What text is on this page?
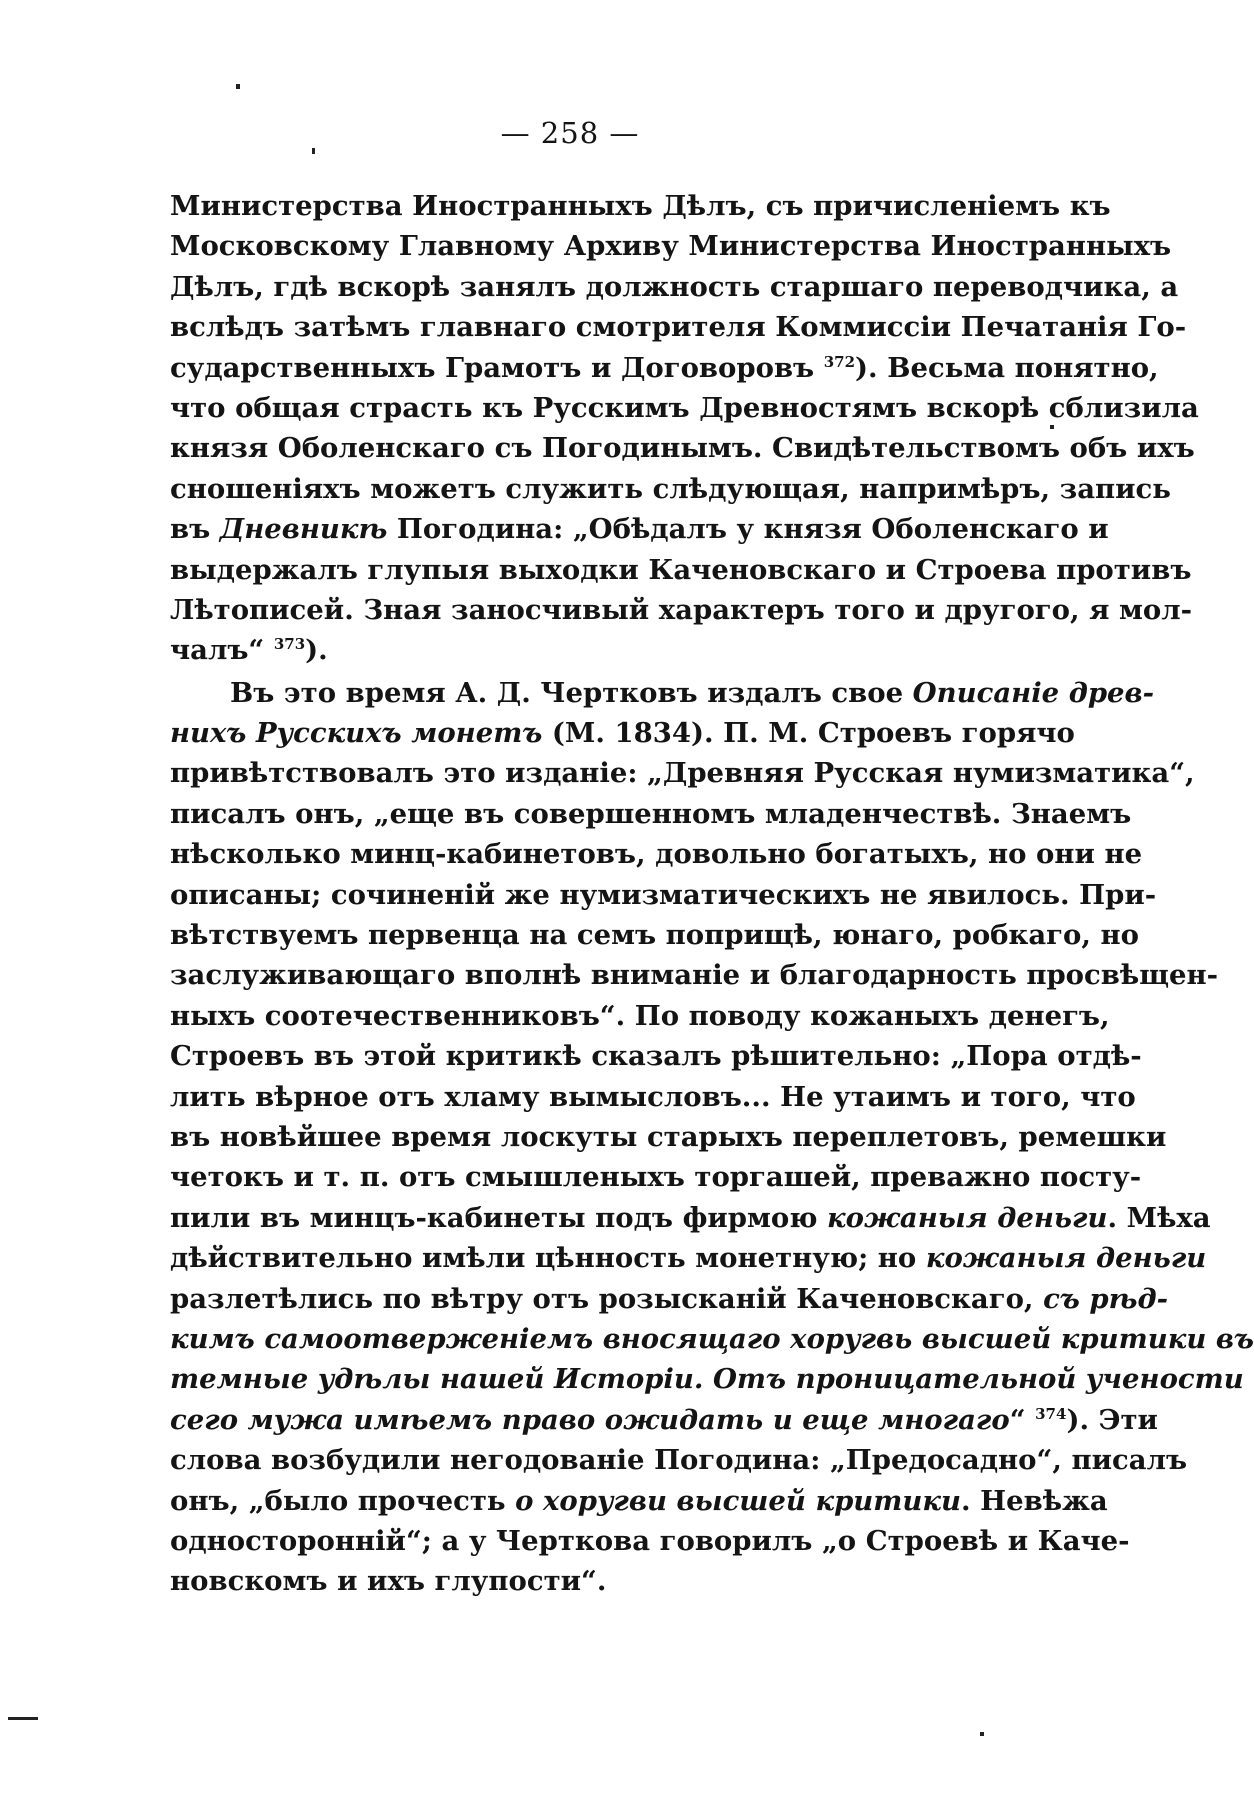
— 258 —
Министерства Иностранныхъ Дѣлъ, съ причисленіемъ къ
Московскому Главному Архиву Министерства Иностранныхъ
Дѣлъ, гдѣ вскорѣ занялъ должность старшаго переводчика, а
вслѣдъ затѣмъ главнаго смотрителя Коммиссіи Печатанія Го-
сударственныхъ Грамотъ и Договоровъ $^{372}$). Весьма понятно,
что общая страсть къ Русскимъ Древностямъ вскорѣ сблизила
князя Оболенскаго съ Погодинымъ. Свидѣтельствомъ объ ихъ
сношеніяхъ можетъ служить слѣдующая, напримѣръ, запись
въ Дневникѣ Погодина: „Обѣдалъ у князя Оболенскаго и
выдержалъ глупыя выходки Каченовскаго и Строева противъ
Лѣтописей. Зная заносчивый характеръ того и другого, я мол-
чалъ“ $^{373}$).
Въ это время А. Д. Чертковъ издалъ свое Описаніе древ-
нихъ Русскихъ монетъ (М. 1834). П. М. Строевъ горячо
привѣтствовалъ это изданіе: „Древняя Русская нумизматика“,
писалъ онъ, „еще въ совершенномъ младенчествѣ. Знаемъ
нѣсколько минц-кабинетовъ, довольно богатыхъ, но они не
описаны; сочиненій же нумизматическихъ не явилось. При-
вѣтствуемъ первенца на семъ поприщѣ, юнаго, робкаго, но
заслуживающаго вполнѣ вниманіе и благодарность просвѣщен-
ныхъ соотечественниковъ“. По поводу кожаныхъ денегъ,
Строевъ въ этой критикѣ сказалъ рѣшительно: „Пора отдѣ-
лить вѣрное отъ хламу вымысловъ... Не утаимъ и того, что
въ новѣйшее время лоскуты старыхъ переплетовъ, ремешки
четокъ и т. п. отъ смышленыхъ торгашей, преважно посту-
пили въ минцъ-кабинеты подъ фирмою кожаныя деньги. Мѣха
дѣйствительно имѣли цѣнность монетную; но кожаныя деньги
разлетѣлись по вѣтру отъ розысканій Каченовскаго, съ рѣд-
кимъ самоотверженіемъ вносящаго хоругвь высшей критики въ
темные удѣлы нашей Исторіи. Отъ проницательной учености
сего мужа имѣемъ право ожидать и еще многаго“ $^{374}$). Эти
слова возбудили негодованіе Погодина: „Предосадно“, писалъ
онъ, „было прочесть о хоругви высшей критики. Невѣжа
односторонній“; а у Черткова говорилъ „о Строевѣ и Каче-
новскомъ и ихъ глупости“.
